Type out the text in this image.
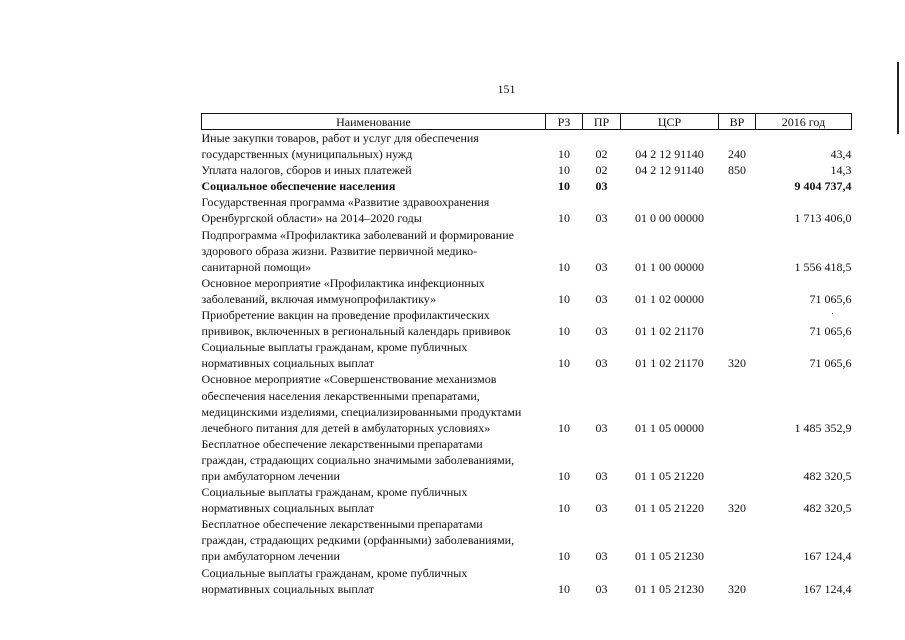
151
Наименование	РЗ	ПР	ЦСР	ВР	2016 год

Иные закупки товаров, работ и услуг для обеспечения
государственных (муниципальных) нужд	10	02	04 2 12 91140	240	43,4

Уплата налогов, сборов и иных платежей	10	02	04 2 12 91140	850	14,3

Социальное обеспечение населения	10	03			9 404 737,4

Государственная программа «Развитие здравоохранения
Оренбургской области» на 2014–2020 годы	10	03	01 0 00 00000		1 713 406,0

Подпрограмма «Профилактика заболеваний и формирование
здорового образа жизни. Развитие первичной медико-
санитарной помощи»	10	03	01 1 00 00000		1 556 418,5

Основное мероприятие «Профилактика инфекционных
заболеваний, включая иммунопрофилактику»	10	03	01 1 02 00000		71 065,6

Приобретение вакцин на проведение профилактических
прививок, включенных в региональный календарь прививок	10	03	01 1 02 21170		71 065,6

Социальные выплаты гражданам, кроме публичных
нормативных социальных выплат	10	03	01 1 02 21170	320	71 065,6

Основное мероприятие «Совершенствование механизмов
обеспечения населения лекарственными препаратами,
медицинскими изделиями, специализированными продуктами
лечебного питания для детей в амбулаторных условиях»	10	03	01 1 05 00000		1 485 352,9

Бесплатное обеспечение лекарственными препаратами
граждан, страдающих социально значимыми заболеваниями,
при амбулаторном лечении	10	03	01 1 05 21220		482 320,5

Социальные выплаты гражданам, кроме публичных
нормативных социальных выплат	10	03	01 1 05 21220	320	482 320,5

Бесплатное обеспечение лекарственными препаратами
граждан, страдающих редкими (орфанными) заболеваниями,
при амбулаторном лечении	10	03	01 1 05 21230		167 124,4

Социальные выплаты гражданам, кроме публичных
нормативных социальных выплат	10	03	01 1 05 21230	320	167 124,4
